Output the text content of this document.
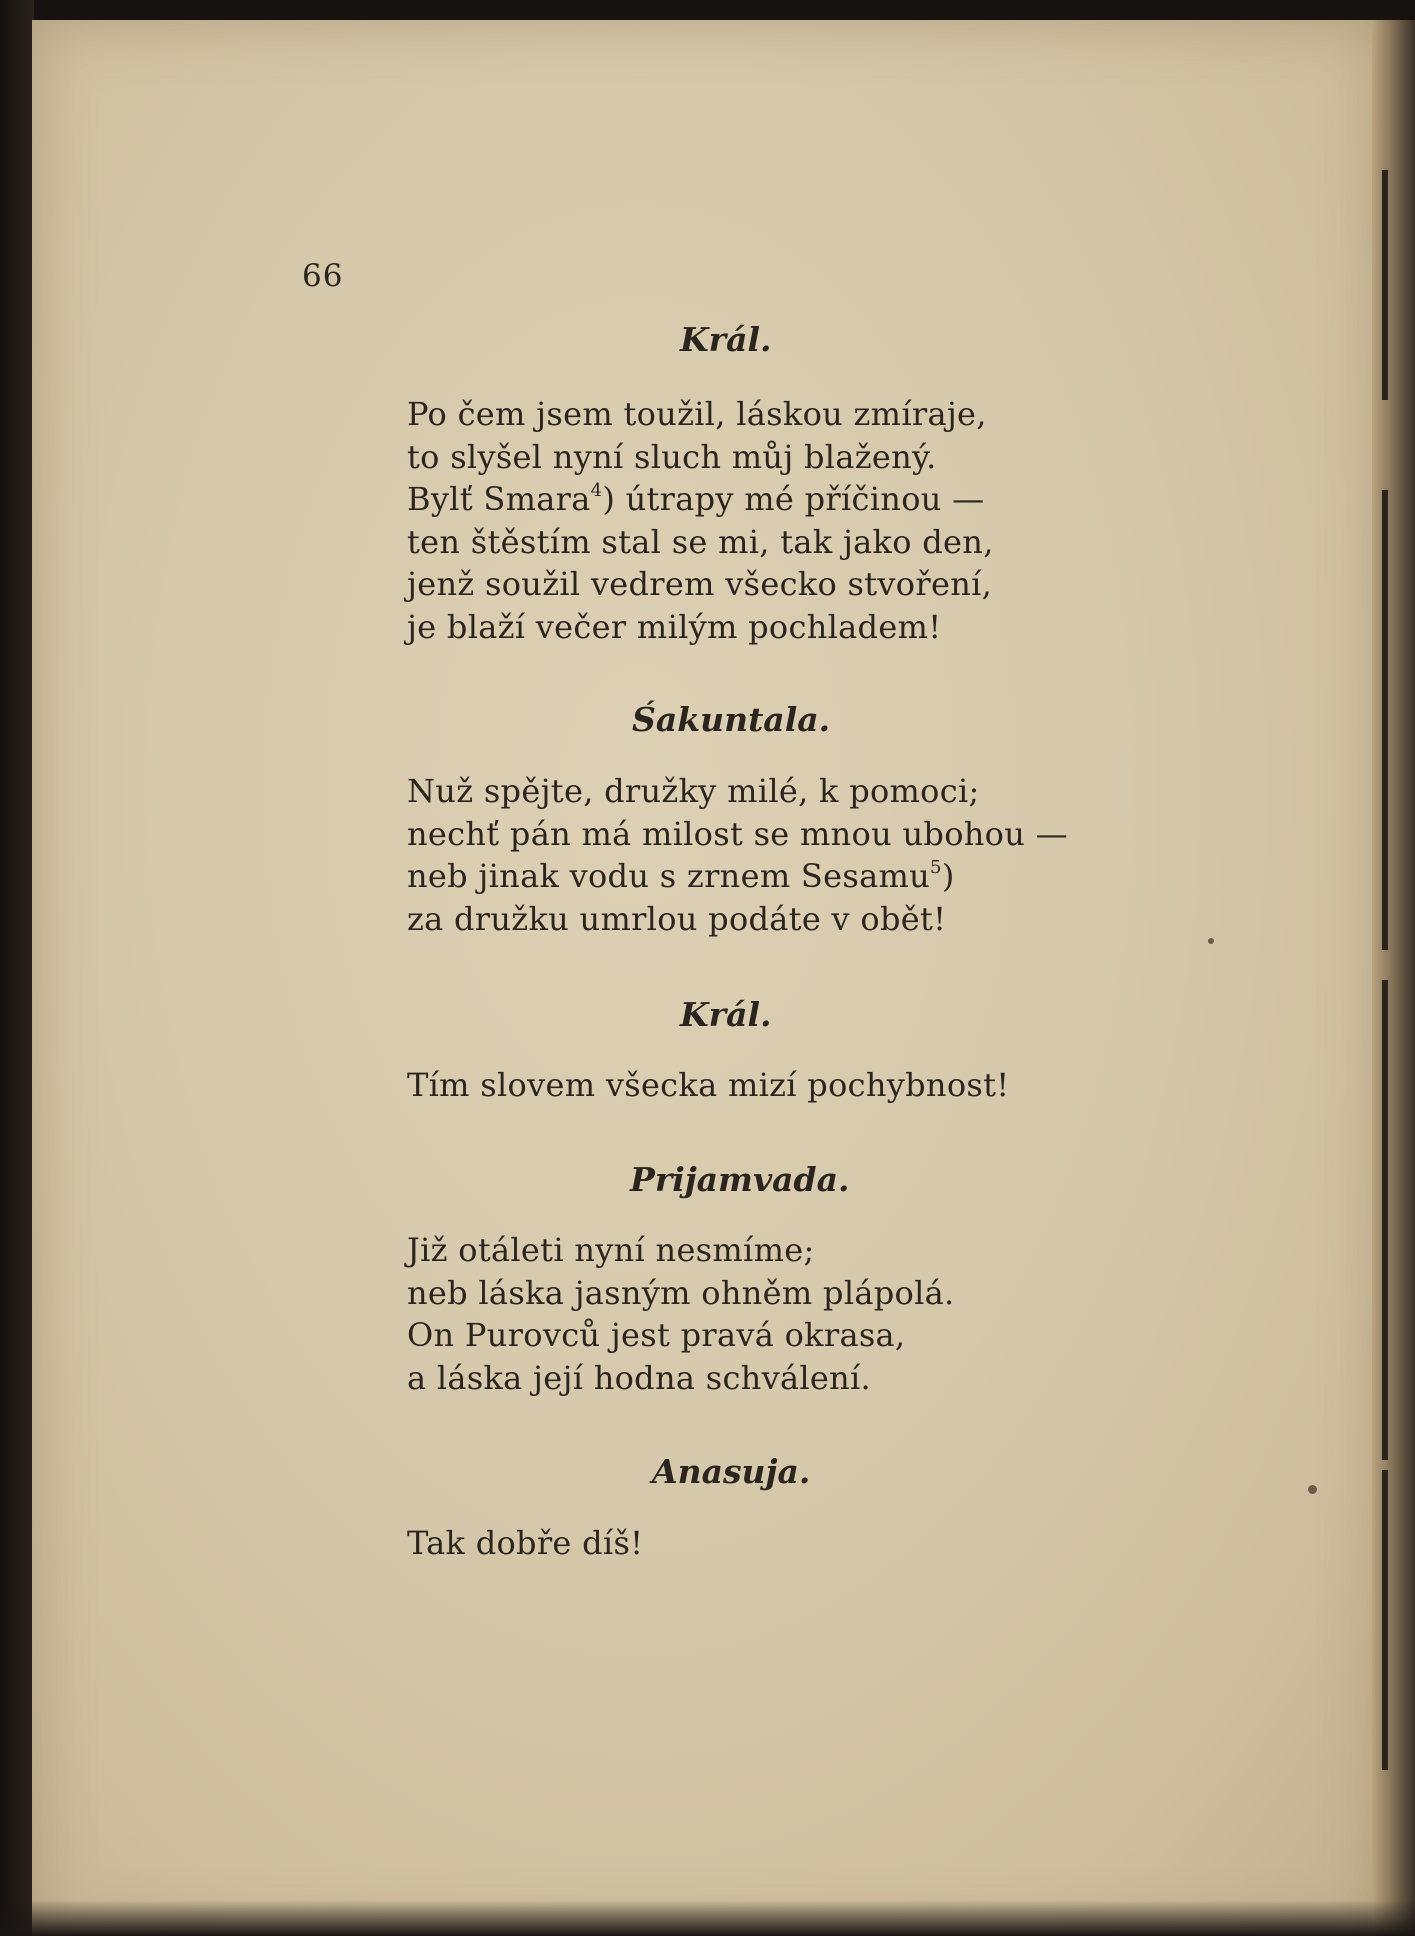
66
Král.
Po čem jsem toužil, láskou zmíraje,
to slyšel nyní sluch můj blažený.
Bylť Smara$^4$) útrapy mé příčinou —
ten štěstím stal se mi, tak jako den,
jenž soužil vedrem všecko stvoření,
je blaží večer milým pochladem!
Śakuntala.
Nuž spějte, družky milé, k pomoci;
nechť pán má milost se mnou ubohou —
neb jinak vodu s zrnem Sesamu$^5$)
za družku umrlou podáte v obět!
Král.
Tím slovem všecka mizí pochybnost!
Prijamvada.
Již otáleti nyní nesmíme;
neb láska jasným ohněm plápolá.
On Purovců jest pravá okrasa,
a láska její hodna schválení.
Anasuja.
Tak dobře díš!
